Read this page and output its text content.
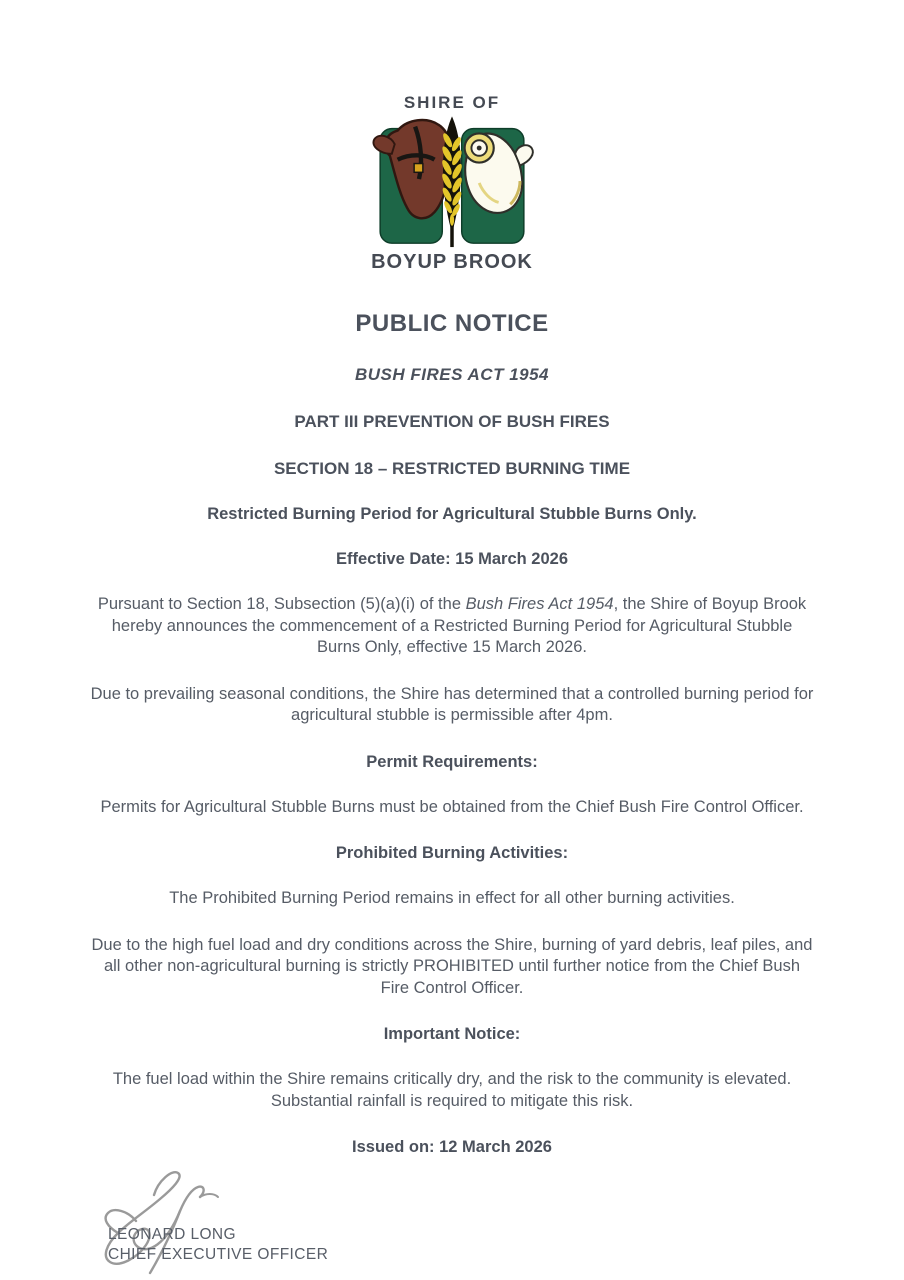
SHIRE OF
BOYUP BROOK
PUBLIC NOTICE
BUSH FIRES ACT 1954
PART III PREVENTION OF BUSH FIRES
SECTION 18 – RESTRICTED BURNING TIME
Restricted Burning Period for Agricultural Stubble Burns Only.
Effective Date: 15 March 2026

Pursuant to Section 18, Subsection (5)(a)(i) of the Bush Fires Act 1954, the Shire of Boyup Brook hereby announces the commencement of a Restricted Burning Period for Agricultural Stubble Burns Only, effective 15 March 2026.

Due to prevailing seasonal conditions, the Shire has determined that a controlled burning period for agricultural stubble is permissible after 4pm.

Permit Requirements:

Permits for Agricultural Stubble Burns must be obtained from the Chief Bush Fire Control Officer.

Prohibited Burning Activities:

The Prohibited Burning Period remains in effect for all other burning activities.

Due to the high fuel load and dry conditions across the Shire, burning of yard debris, leaf piles, and all other non-agricultural burning is strictly PROHIBITED until further notice from the Chief Bush Fire Control Officer.

Important Notice:

The fuel load within the Shire remains critically dry, and the risk to the community is elevated. Substantial rainfall is required to mitigate this risk.

Issued on: 12 March 2026
LEONARD LONG
CHIEF EXECUTIVE OFFICER
